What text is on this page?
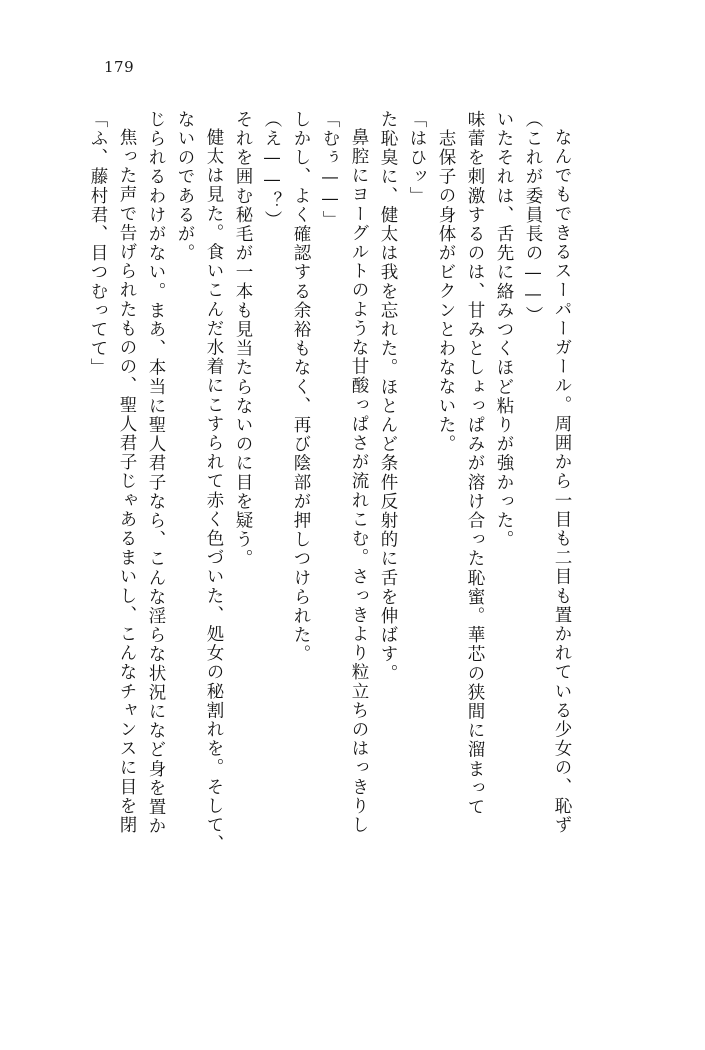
179
「ふ、藤村君、目つむってて」 焦った声で告げられたものの、聖人君子じゃあるまいし、こんなチャンスに目を閉 じられるわけがない。まあ、本当に聖人君子なら、こんな淫らな状況になど身を置か ないのであるが。 健太は見た。食いこんだ水着にこすられて赤く色づいた、処女の秘割れを。そして、 それを囲む秘毛が一本も見当たらないのに目を疑う。 （え——？） しかし、よく確認する余裕もなく、再び陰部が押しつけられた。 「むぅ——」 鼻腔にヨーグルトのような甘酸っぱさが流れこむ。さっきより粒立ちのはっきりし た恥臭に、健太は我を忘れた。ほとんど条件反射的に舌を伸ばす。 「はひッ」 志保子の身体がビクンとわなないた。 味蕾を刺激するのは、甘みとしょっぱみが溶け合った恥蜜。華芯の狭間に溜まって いたそれは、舌先に絡みつくほど粘りが強かった。 （これが委員長の——） なんでもできるスーパーガール。周囲から一目も二目も置かれている少女の、恥ず
